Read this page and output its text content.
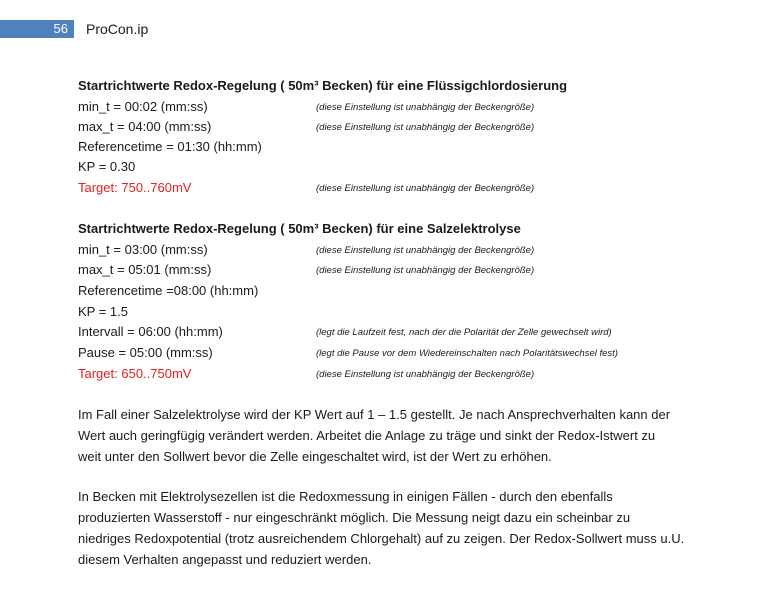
56	ProCon.ip
Startrichtwerte Redox-Regelung ( 50m³ Becken) für eine Flüssigchlordosierung
min_t = 00:02 (mm:ss)	(diese Einstellung ist unabhängig der Beckengröße)
max_t = 04:00 (mm:ss)	(diese Einstellung ist unabhängig der Beckengröße)
Referencetime = 01:30 (hh:mm)
KP = 0.30
Target: 750..760mV	(diese Einstellung ist unabhängig der Beckengröße)
Startrichtwerte Redox-Regelung ( 50m³ Becken) für eine Salzelektrolyse
min_t = 03:00 (mm:ss)	(diese Einstellung ist unabhängig der Beckengröße)
max_t = 05:01 (mm:ss)	(diese Einstellung ist unabhängig der Beckengröße)
Referencetime =08:00 (hh:mm)
KP = 1.5
Intervall = 06:00 (hh:mm)	(legt die Laufzeit fest, nach der die Polarität der Zelle gewechselt wird)
Pause = 05:00 (mm:ss)	(legt die Pause vor dem Wiedereinschalten nach Polaritätswechsel fest)
Target: 650..750mV	(diese Einstellung ist unabhängig der Beckengröße)
Im Fall einer Salzelektrolyse wird der KP Wert auf 1 – 1.5 gestellt. Je nach Ansprechverhalten kann der
Wert auch geringfügig verändert werden. Arbeitet die Anlage zu träge und sinkt der Redox-Istwert zu
weit unter den Sollwert bevor die Zelle eingeschaltet wird, ist der Wert zu erhöhen.
In Becken mit Elektrolysezellen ist die Redoxmessung in einigen Fällen - durch den ebenfalls
produzierten Wasserstoff - nur eingeschränkt möglich. Die Messung neigt dazu ein scheinbar zu
niedriges Redoxpotential (trotz ausreichendem Chlorgehalt) auf zu zeigen. Der Redox-Sollwert muss u.U.
diesem Verhalten angepasst und reduziert werden.
